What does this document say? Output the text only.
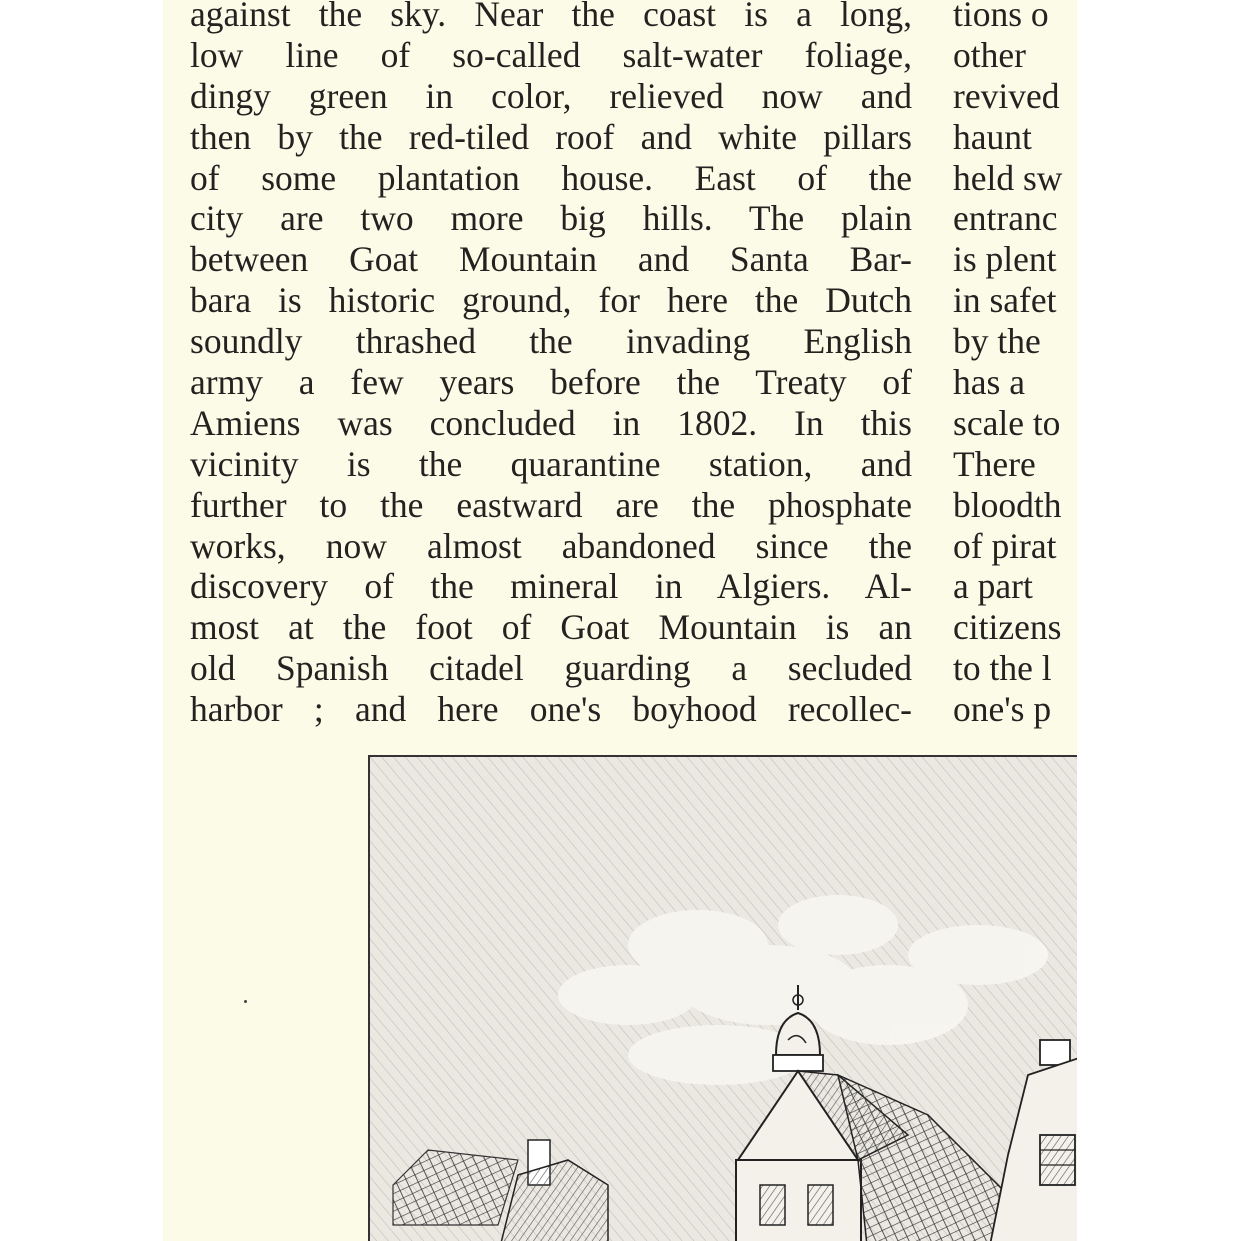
against the sky. Near the coast is a long,
low line of so-called salt-water foliage,
dingy green in color, relieved now and
then by the red-tiled roof and white pillars
of some plantation house. East of the
city are two more big hills. The plain
between Goat Mountain and Santa Bar-
bara is historic ground, for here the Dutch
soundly thrashed the invading English
army a few years before the Treaty of
Amiens was concluded in 1802. In this
vicinity is the quarantine station, and
further to the eastward are the phosphate
works, now almost abandoned since the
discovery of the mineral in Algiers. Al-
most at the foot of Goat Mountain is an
old Spanish citadel guarding a secluded
harbor ; and here one's boyhood recollec-
tions o
other
revived
haunt
held sw
entranc
is plent
in safet
by the
has a
scale to
There
bloodth
of pirat
a part
citizens
to the l
one's p
